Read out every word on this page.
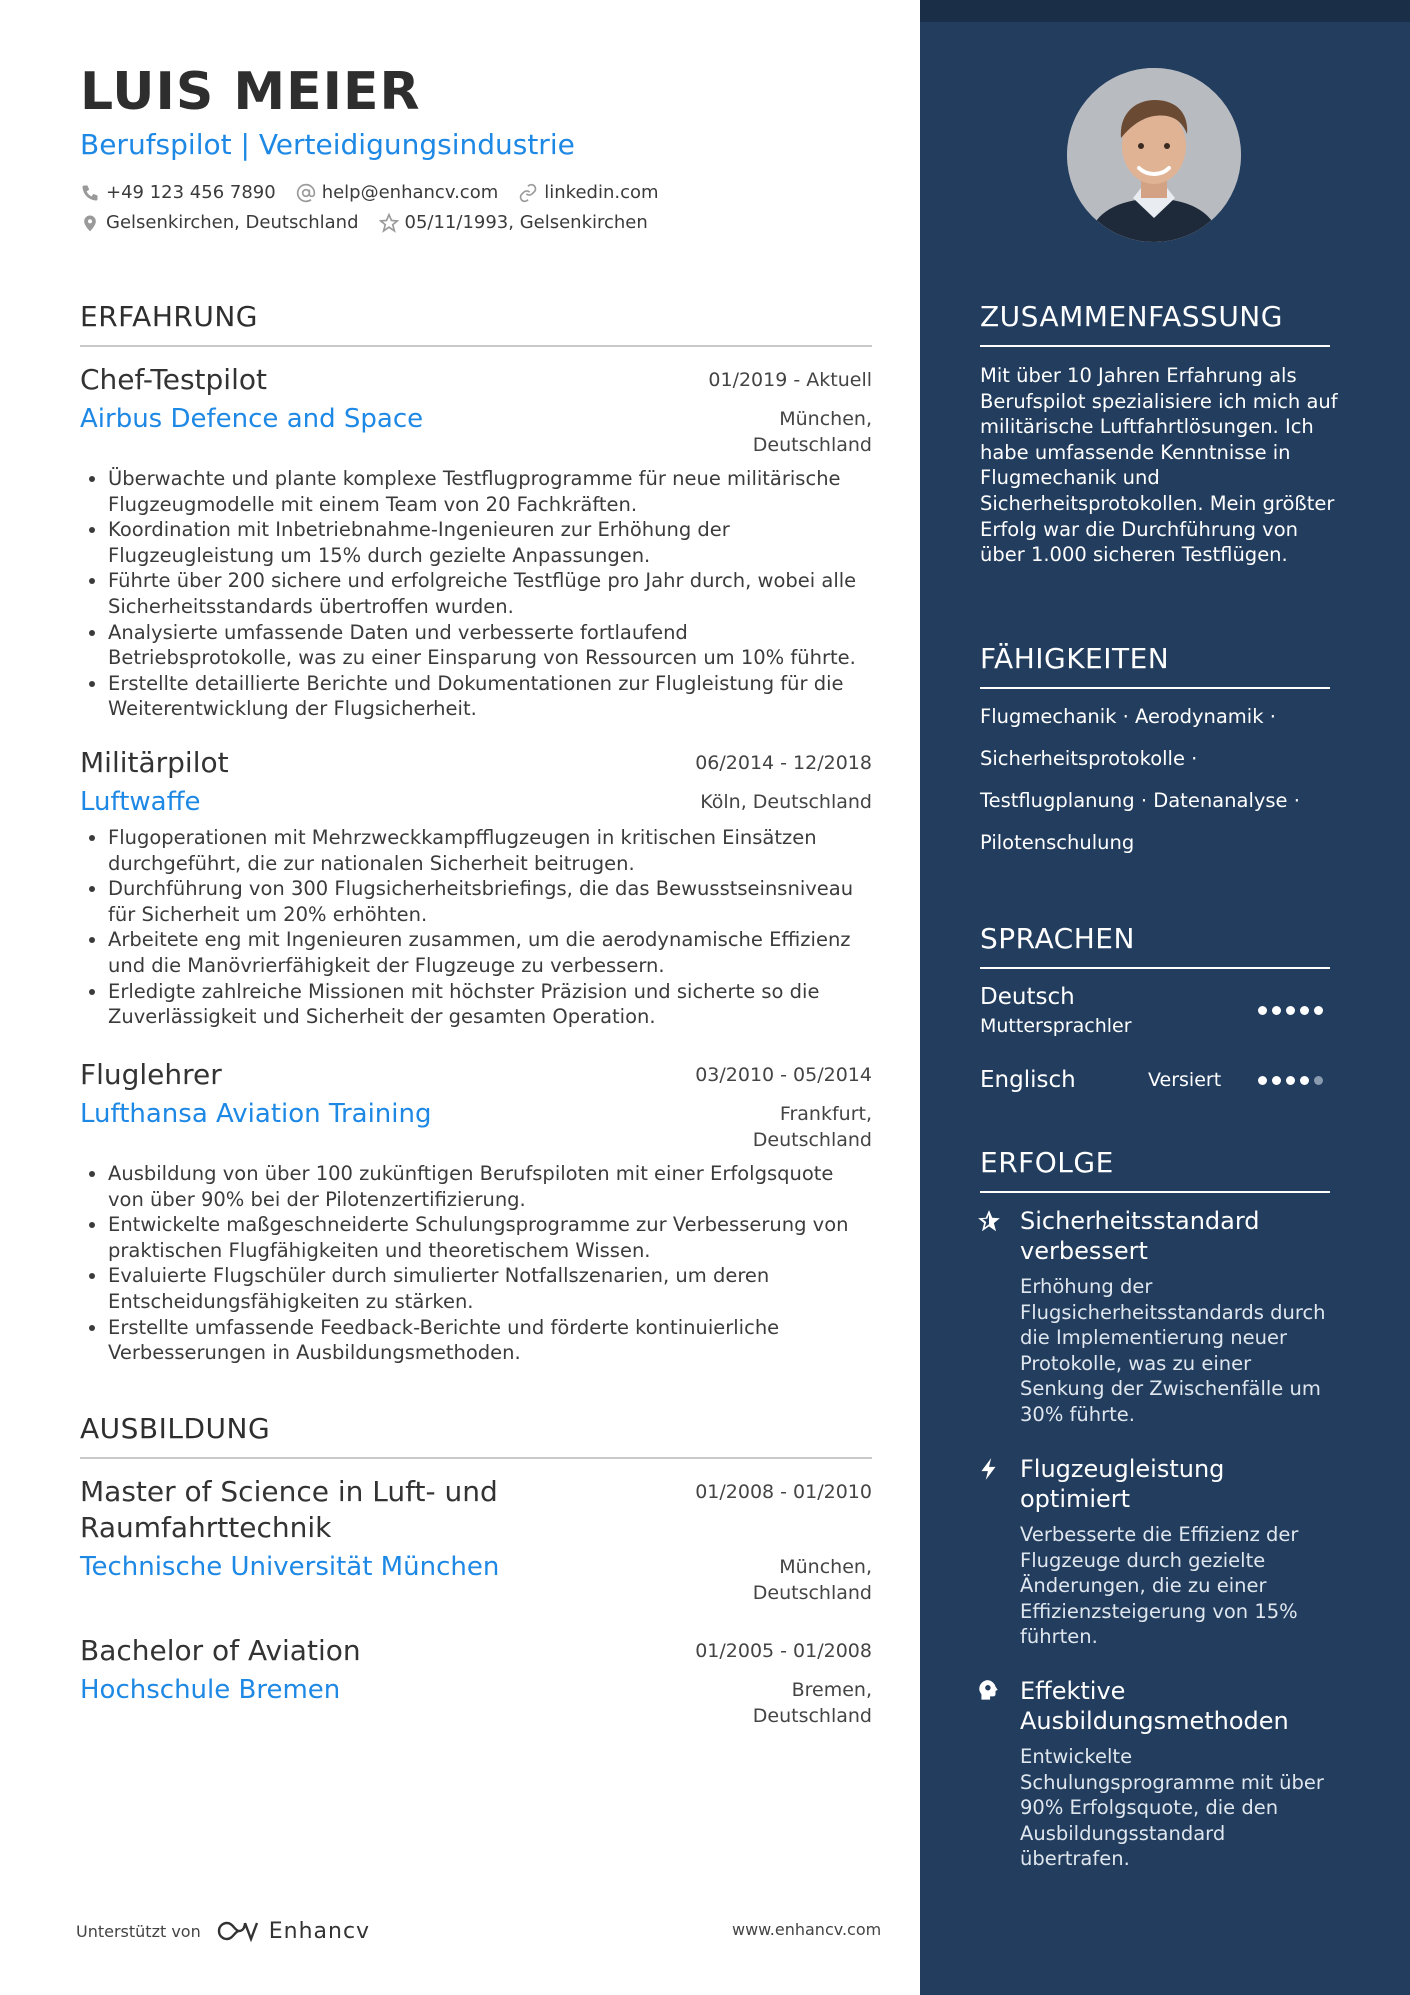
LUIS MEIER
Berufspilot | Verteidigungsindustrie
+49 123 456 7890	help@enhancv.com	linkedin.com
Gelsenkirchen, Deutschland	05/11/1993, Gelsenkirchen
ERFAHRUNG
Chef-Testpilot	01/2019 - Aktuell
Airbus Defence and Space	München,
Deutschland
Überwachte und plante komplexe Testflugprogramme für neue militärische Flugzeugmodelle mit einem Team von 20 Fachkräften.
Koordination mit Inbetriebnahme-Ingenieuren zur Erhöhung der Flugzeugleistung um 15% durch gezielte Anpassungen.
Führte über 200 sichere und erfolgreiche Testflüge pro Jahr durch, wobei alle Sicherheitsstandards übertroffen wurden.
Analysierte umfassende Daten und verbesserte fortlaufend Betriebsprotokolle, was zu einer Einsparung von Ressourcen um 10% führte.
Erstellte detaillierte Berichte und Dokumentationen zur Flugleistung für die Weiterentwicklung der Flugsicherheit.
Militärpilot	06/2014 - 12/2018
Luftwaffe	Köln, Deutschland
Flugoperationen mit Mehrzweckkampfflugzeugen in kritischen Einsätzen durchgeführt, die zur nationalen Sicherheit beitrugen.
Durchführung von 300 Flugsicherheitsbriefings, die das Bewusstseinsniveau für Sicherheit um 20% erhöhten.
Arbeitete eng mit Ingenieuren zusammen, um die aerodynamische Effizienz und die Manövrierfähigkeit der Flugzeuge zu verbessern.
Erledigte zahlreiche Missionen mit höchster Präzision und sicherte so die Zuverlässigkeit und Sicherheit der gesamten Operation.
Fluglehrer	03/2010 - 05/2014
Lufthansa Aviation Training	Frankfurt,
Deutschland
Ausbildung von über 100 zukünftigen Berufspiloten mit einer Erfolgsquote von über 90% bei der Pilotenzertifizierung.
Entwickelte maßgeschneiderte Schulungsprogramme zur Verbesserung von praktischen Flugfähigkeiten und theoretischem Wissen.
Evaluierte Flugschüler durch simulierter Notfallszenarien, um deren Entscheidungsfähigkeiten zu stärken.
Erstellte umfassende Feedback-Berichte und förderte kontinuierliche Verbesserungen in Ausbildungsmethoden.
AUSBILDUNG
Master of Science in Luft- und
Raumfahrttechnik
01/2008 - 01/2010
Technische Universität München	München,
Deutschland
Bachelor of Aviation	01/2005 - 01/2008
Hochschule Bremen	Bremen,
Deutschland
Unterstützt von	Enhancv	www.enhancv.com
ZUSAMMENFASSUNG
Mit über 10 Jahren Erfahrung als Berufspilot spezialisiere ich mich auf militärische Luftfahrtlösungen. Ich habe umfassende Kenntnisse in Flugmechanik und Sicherheitsprotokollen. Mein größter Erfolg war die Durchführung von über 1.000 sicheren Testflügen.
FÄHIGKEITEN
Flugmechanik · Aerodynamik ·
Sicherheitsprotokolle ·
Testflugplanung · Datenanalyse ·
Pilotenschulung
SPRACHEN
Deutsch
Muttersprachler
Englisch	Versiert
ERFOLGE
Sicherheitsstandard verbessert
Erhöhung der Flugsicherheitsstandards durch die Implementierung neuer Protokolle, was zu einer Senkung der Zwischenfälle um 30% führte.
Flugzeugleistung optimiert
Verbesserte die Effizienz der Flugzeuge durch gezielte Änderungen, die zu einer Effizienzsteigerung von 15% führten.
Effektive Ausbildungsmethoden
Entwickelte Schulungsprogramme mit über 90% Erfolgsquote, die den Ausbildungsstandard übertrafen.
